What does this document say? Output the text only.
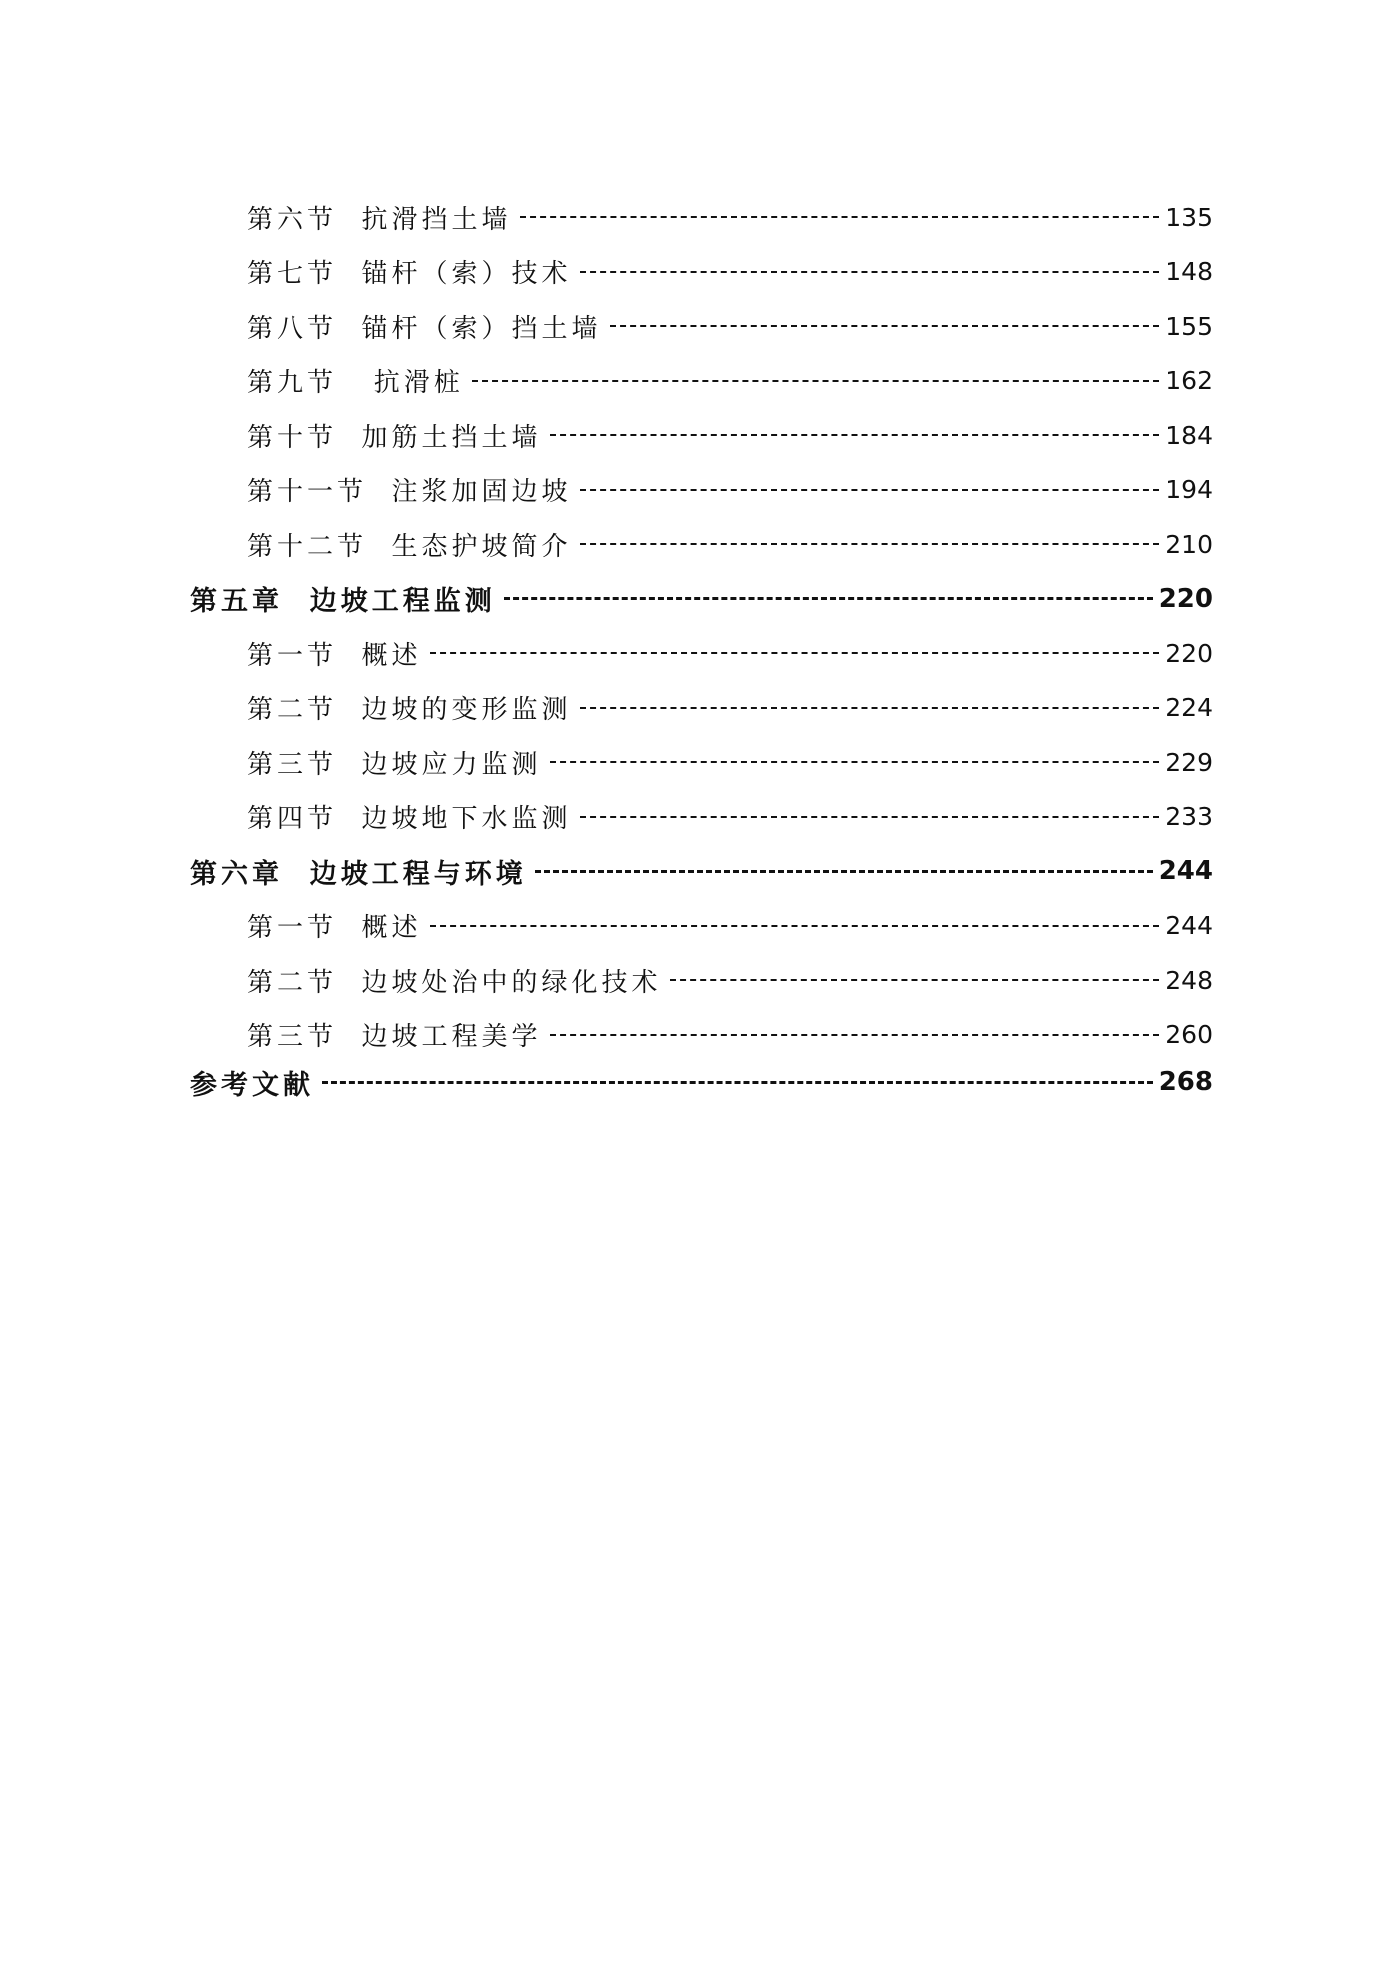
第六节  抗滑挡土墙	135
第七节  锚杆（索）技术	148
第八节  锚杆（索）挡土墙	155
第九节   抗滑桩	162
第十节  加筋土挡土墙	184
第十一节  注浆加固边坡	194
第十二节  生态护坡简介	210
第五章  边坡工程监测	220
第一节  概述	220
第二节  边坡的变形监测	224
第三节  边坡应力监测	229
第四节  边坡地下水监测	233
第六章  边坡工程与环境	244
第一节  概述	244
第二节  边坡处治中的绿化技术	248
第三节  边坡工程美学	260
参考文献	268
